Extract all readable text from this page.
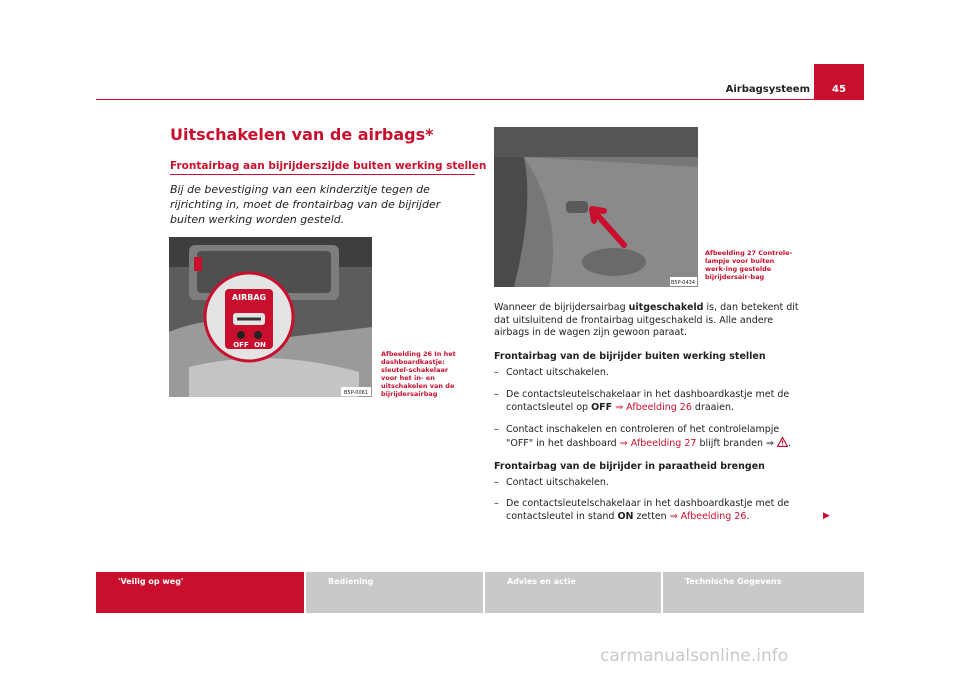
Airbagsysteem	45
Uitschakelen van de airbags*
Frontairbag aan bijrijderszijde buiten werking stellen
Bij de bevestiging van een kinderzitje tegen de rijrichting in, moet de frontairbag van de bijrijder buiten werking worden gesteld.
AIRBAG
OFF ON
B5P-0061
Afbeelding 26 In het dashboardkastje: sleutel-schakelaar voor het in- en uitschakelen van de bijrijdersairbag
B5P-0434
Afbeelding 27 Controle-lampje voor buiten werk-ing gestelde bijrijdersair-bag
Wanneer de bijrijdersairbag uitgeschakeld is, dan betekent dit dat uitsluitend de frontairbag uitgeschakeld is. Alle andere airbags in de wagen zijn gewoon paraat.
Frontairbag van de bijrijder buiten werking stellen
– Contact uitschakelen.
– De contactsleutelschakelaar in het dashboardkastje met de contactsleutel op OFF ⇒ Afbeelding 26 draaien.
– Contact inschakelen en controleren of het controlelampje "OFF" in het dashboard ⇒ Afbeelding 27 blijft branden ⇒ .
Frontairbag van de bijrijder in paraatheid brengen
– Contact uitschakelen.
– De contactsleutelschakelaar in het dashboardkastje met de contactsleutel in stand ON zetten ⇒ Afbeelding 26.	▶
'Veilig op weg'	Bediening	Advies en actie	Technische Gegevens
carmanualsonline.info
